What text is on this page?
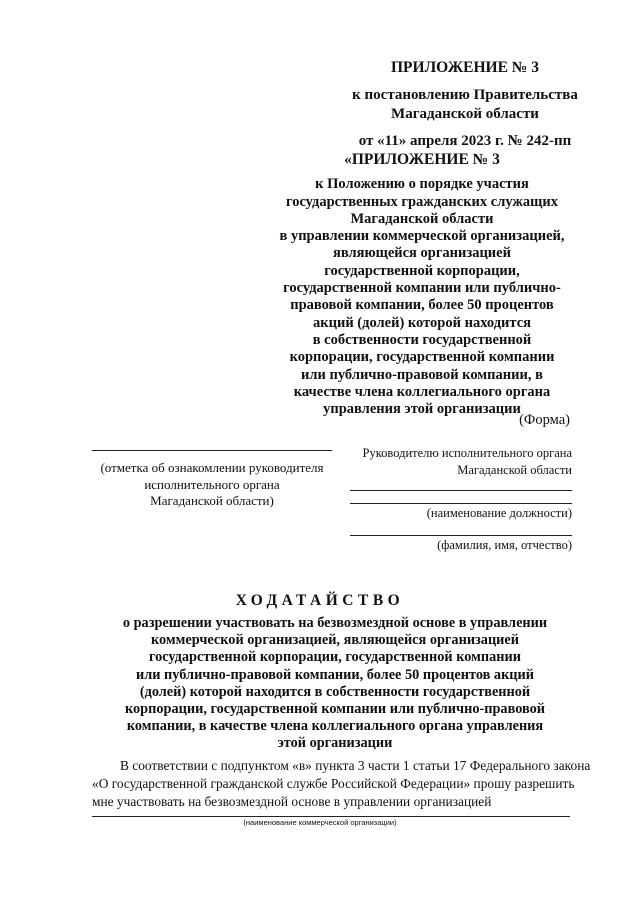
ПРИЛОЖЕНИЕ № 3
к постановлению Правительства
Магаданской области
от «11» апреля 2023 г. № 242-пп
«ПРИЛОЖЕНИЕ № 3
к Положению о порядке участия
государственных гражданских служащих
Магаданской области
в управлении коммерческой организацией,
являющейся организацией
государственной корпорации,
государственной компании или публично-
правовой компании, более 50 процентов
акций (долей) которой находится
в собственности государственной
корпорации, государственной компании
или публично-правовой компании, в
качестве члена коллегиального органа
управления этой организации
(Форма)
(отметка об ознакомлении руководителя
исполнительного органа
Магаданской области)
Руководителю исполнительного органа
Магаданской области
(наименование должности)
(фамилия, имя, отчество)
ХОДАТАЙСТВО
о разрешении участвовать на безвозмездной основе в управлении
коммерческой организацией, являющейся организацией
государственной корпорации, государственной компании
или публично-правовой компании, более 50 процентов акций
(долей) которой находится в собственности государственной
корпорации, государственной компании или публично-правовой
компании, в качестве члена коллегиального органа управления
этой организации
В соответствии с подпунктом «в» пункта 3 части 1 статьи 17 Федерального закона
«О государственной гражданской службе Российской Федерации» прошу разрешить
мне участвовать на безвозмездной основе в управлении организацией
(наименование коммерческой организации)
